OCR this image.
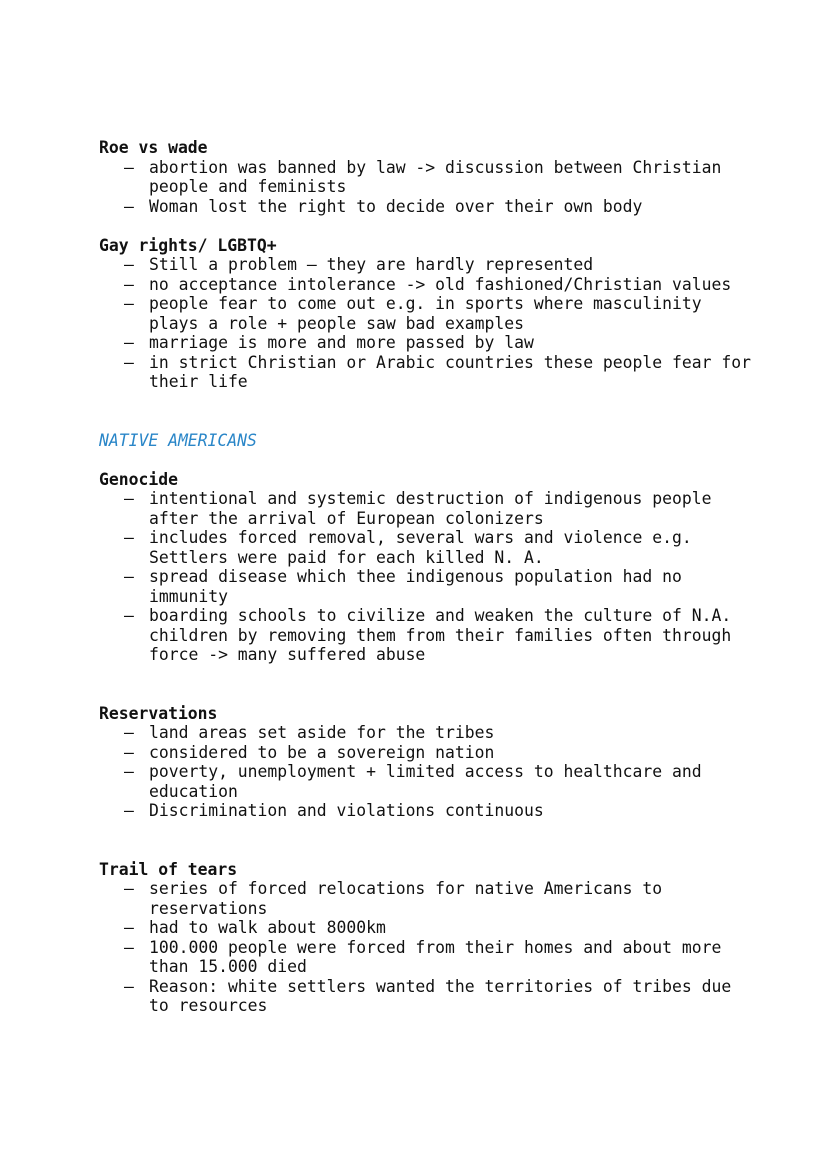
Roe vs wade

– abortion was banned by law -> discussion between Christian people and feminists
– Woman lost the right to decide over their own body

Gay rights/ LGBTQ+

– Still a problem – they are hardly represented
– no acceptance intolerance -> old fashioned/Christian values
– people fear to come out e.g. in sports where masculinity plays a role + people saw bad examples
– marriage is more and more passed by law
– in strict Christian or Arabic countries these people fear for their life

NATIVE AMERICANS

Genocide

– intentional and systemic destruction of indigenous people after the arrival of European colonizers
– includes forced removal, several wars and violence e.g. Settlers were paid for each killed N. A.
– spread disease which thee indigenous population had no immunity
– boarding schools to civilize and weaken the culture of N.A. children by removing them from their families often through force -> many suffered abuse

Reservations

– land areas set aside for the tribes
– considered to be a sovereign nation
– poverty, unemployment + limited access to healthcare and education
– Discrimination and violations continuous

Trail of tears

– series of forced relocations for native Americans to reservations
– had to walk about 8000km
– 100.000 people were forced from their homes and about more than 15.000 died
– Reason: white settlers wanted the territories of tribes due to resources
